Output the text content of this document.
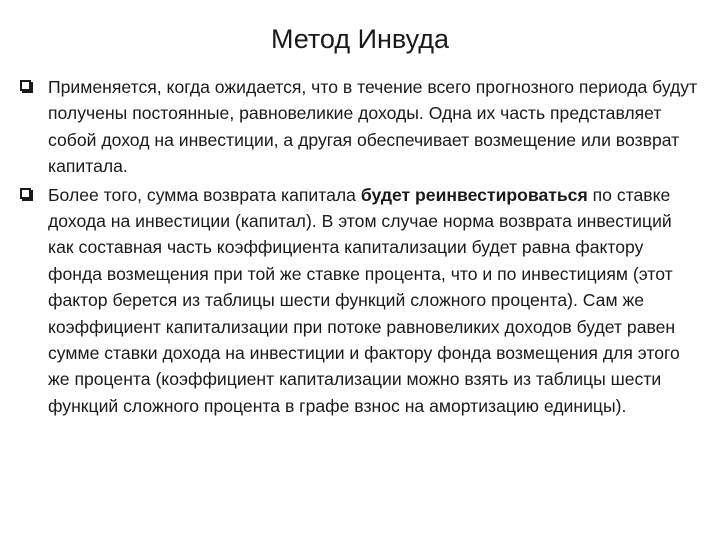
Метод Инвуда
Применяется, когда ожидается, что в течение всего прогнозного периода будут получены постоянные, равновеликие доходы. Одна их часть представляет собой доход на инвестиции, а другая обеспечивает возмещение или возврат капитала.
Более того, сумма возврата капитала будет реинвестироваться по ставке дохода на инвестиции (капитал). В этом случае норма возврата инвестиций как составная часть коэффициента капитализации будет равна фактору фонда возмещения при той же ставке процента, что и по инвестициям (этот фактор берется из таблицы шести функций сложного процента). Сам же коэффициент капитализации при потоке равновеликих доходов будет равен сумме ставки дохода на инвестиции и фактору фонда возмещения для этого же процента (коэффициент капитализации можно взять из таблицы шести функций сложного процента в графе взнос на амортизацию единицы).
